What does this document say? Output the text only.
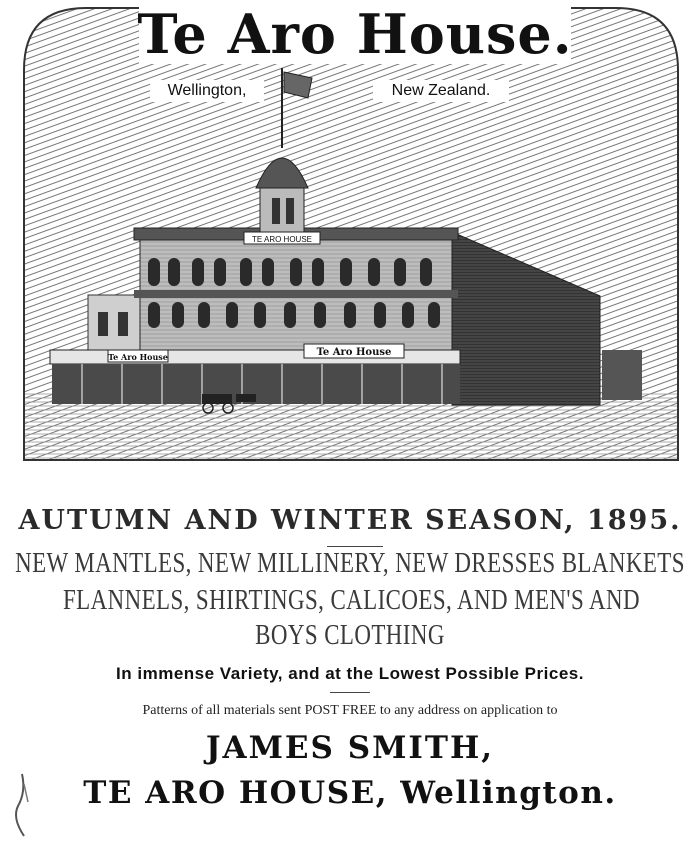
TE ARO HOUSE
Te Aro House	Te Aro House
Te Aro House.
Wellington,	New Zealand.
AUTUMN AND WINTER SEASON, 1895.
NEW MANTLES, NEW MILLINERY, NEW DRESSES BLANKETS
FLANNELS, SHIRTINGS, CALICOES, AND MEN'S AND
BOYS CLOTHING
In immense Variety, and at the Lowest Possible Prices.
Patterns of all materials sent POST FREE to any address on application to
JAMES SMITH,
TE ARO HOUSE, Wellington.
